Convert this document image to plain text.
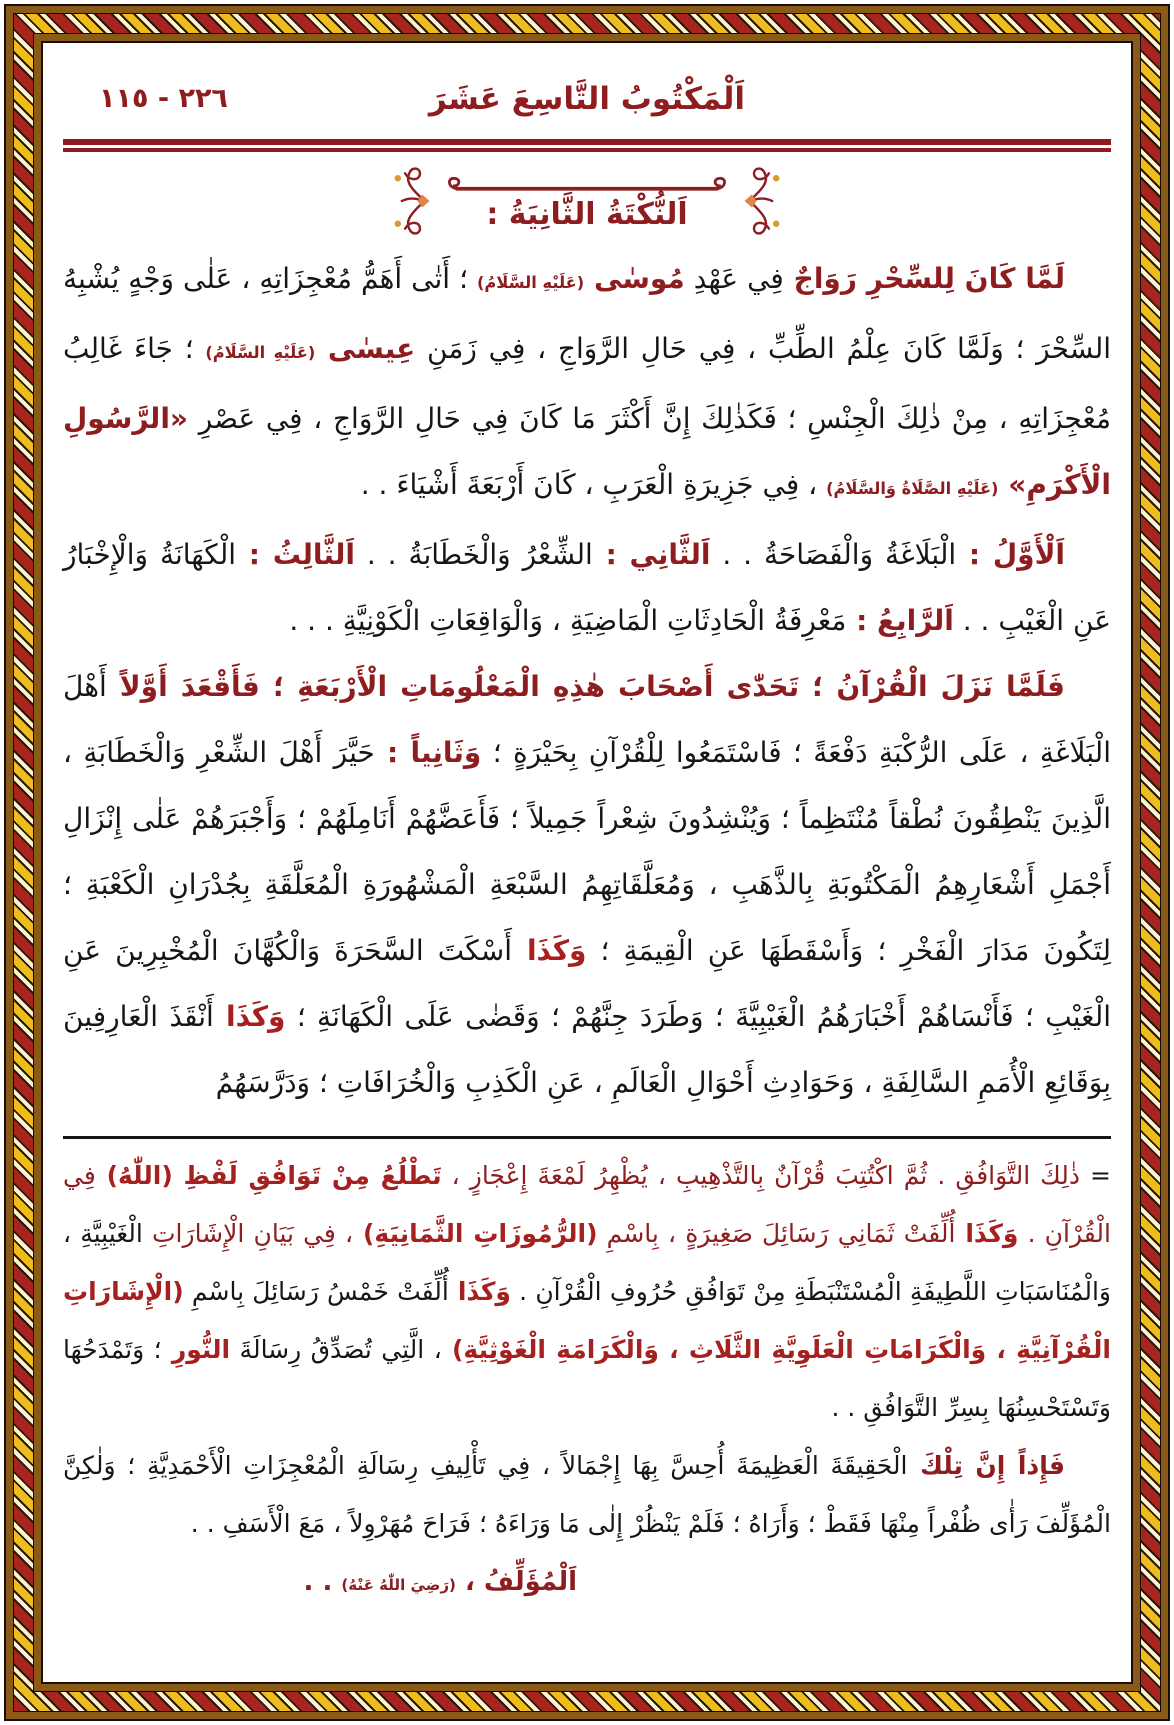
اَلْمَكْتُوبُ التَّاسِعَ عَشَرَ
٢٢٦ - ١١٥
اَلنُّكْتَةُ الثَّانِيَةُ :

لَمَّا كَانَ لِلسِّحْرِ رَوَاجٌ فِي عَهْدِ مُوسٰى (عَلَيْهِ السَّلَامُ) ؛ أَتٰى أَهَمُّ مُعْجِزَاتِهِ ، عَلٰى وَجْهٍ يُشْبِهُ السِّحْرَ ؛ وَلَمَّا كَانَ عِلْمُ الطِّبِّ ، فِي حَالِ الرَّوَاجِ ، فِي زَمَنِ عِيسٰى (عَلَيْهِ السَّلَامُ) ؛ جَاءَ غَالِبُ مُعْجِزَاتِهِ ، مِنْ ذٰلِكَ الْجِنْسِ ؛ فَكَذٰلِكَ إِنَّ أَكْثَرَ مَا كَانَ فِي حَالِ الرَّوَاجِ ، فِي عَصْرِ «الرَّسُولِ الْأَكْرَمِ» (عَلَيْهِ الصَّلَاةُ وَالسَّلَامُ) ، فِي جَزِيرَةِ الْعَرَبِ ، كَانَ أَرْبَعَةَ أَشْيَاءَ . .

اَلْأَوَّلُ : الْبَلَاغَةُ وَالْفَصَاحَةُ . . اَلثَّانِي : الشِّعْرُ وَالْخَطَابَةُ . . اَلثَّالِثُ : الْكَهَانَةُ وَالْإِخْبَارُ عَنِ الْغَيْبِ . . اَلرَّابِعُ : مَعْرِفَةُ الْحَادِثَاتِ الْمَاضِيَةِ ، وَالْوَاقِعَاتِ الْكَوْنِيَّةِ . . .

فَلَمَّا نَزَلَ الْقُرْآنُ ؛ تَحَدّٰى أَصْحَابَ هٰذِهِ الْمَعْلُومَاتِ الْأَرْبَعَةِ ؛ فَأَقْعَدَ أَوَّلاً أَهْلَ الْبَلَاغَةِ ، عَلَى الرُّكْبَةِ دَفْعَةً ؛ فَاسْتَمَعُوا لِلْقُرْآنِ بِحَيْرَةٍ ؛ وَثَانِياً : حَيَّرَ أَهْلَ الشِّعْرِ وَالْخَطَابَةِ ، الَّذِينَ يَنْطِقُونَ نُطْقاً مُنْتَظِماً ؛ وَيُنْشِدُونَ شِعْراً جَمِيلاً ؛ فَأَعَضَّهُمْ أَنَامِلَهُمْ ؛ وَأَجْبَرَهُمْ عَلٰى إِنْزَالِ أَجْمَلِ أَشْعَارِهِمُ الْمَكْتُوبَةِ بِالذَّهَبِ ، وَمُعَلَّقَاتِهِمُ السَّبْعَةِ الْمَشْهُورَةِ الْمُعَلَّقَةِ بِجُدْرَانِ الْكَعْبَةِ ؛ لِتَكُونَ مَدَارَ الْفَخْرِ ؛ وَأَسْقَطَهَا عَنِ الْقِيمَةِ ؛ وَكَذَا أَسْكَتَ السَّحَرَةَ وَالْكُهَّانَ الْمُخْبِرِينَ عَنِ الْغَيْبِ ؛ فَأَنْسَاهُمْ أَخْبَارَهُمُ الْغَيْبِيَّةَ ؛ وَطَرَدَ جِنَّهُمْ ؛ وَقَضٰى عَلَى الْكَهَانَةِ ؛ وَكَذَا أَنْقَذَ الْعَارِفِينَ بِوَقَائِعِ الْأُمَمِ السَّالِفَةِ ، وَحَوَادِثِ أَحْوَالِ الْعَالَمِ ، عَنِ الْكَذِبِ وَالْخُرَافَاتِ ؛ وَدَرَّسَهُمُ

= ذٰلِكَ التَّوَافُقِ . ثُمَّ اكْتُتِبَ قُرْآنٌ بِالتَّذْهِيبِ ، يُظْهِرُ لَمْعَةَ إِعْجَازٍ ، تَطْلُعُ مِنْ تَوَافُقِ لَفْظِ (اللّٰهُ) فِي الْقُرْآنِ . وَكَذَا أُلِّفَتْ ثَمَانِي رَسَائِلَ صَغِيرَةٍ ، بِاسْمِ (الرُّمُوزَاتِ الثَّمَانِيَةِ) ، فِي بَيَانِ الْإِشَارَاتِ الْغَيْبِيَّةِ ، وَالْمُنَاسَبَاتِ اللَّطِيفَةِ الْمُسْتَنْبَطَةِ مِنْ تَوَافُقِ حُرُوفِ الْقُرْآنِ . وَكَذَا أُلِّفَتْ خَمْسُ رَسَائِلَ بِاسْمِ (الْإِشَارَاتِ الْقُرْآنِيَّةِ ، وَالْكَرَامَاتِ الْعَلَوِيَّةِ الثَّلَاثِ ، وَالْكَرَامَةِ الْغَوْثِيَّةِ) ، الَّتِي تُصَدِّقُ رِسَالَةَ النُّورِ ؛ وَتَمْدَحُهَا وَتَسْتَحْسِنُهَا بِسِرِّ التَّوَافُقِ . .

فَإِذاً إِنَّ تِلْكَ الْحَقِيقَةَ الْعَظِيمَةَ أُحِسَّ بِهَا إِجْمَالاً ، فِي تَأْلِيفِ رِسَالَةِ الْمُعْجِزَاتِ الْأَحْمَدِيَّةِ ؛ وَلٰكِنَّ الْمُؤَلِّفَ رَأٰى ظُفْراً مِنْهَا فَقَطْ ؛ وَأَرَاهُ ؛ فَلَمْ يَنْظُرْ إِلٰى مَا وَرَاءَهُ ؛ فَرَاحَ مُهَرْوِلاً ، مَعَ الْأَسَفِ . .

اَلْمُؤَلِّفُ ، (رَضِيَ اللّٰهُ عَنْهُ) . .
